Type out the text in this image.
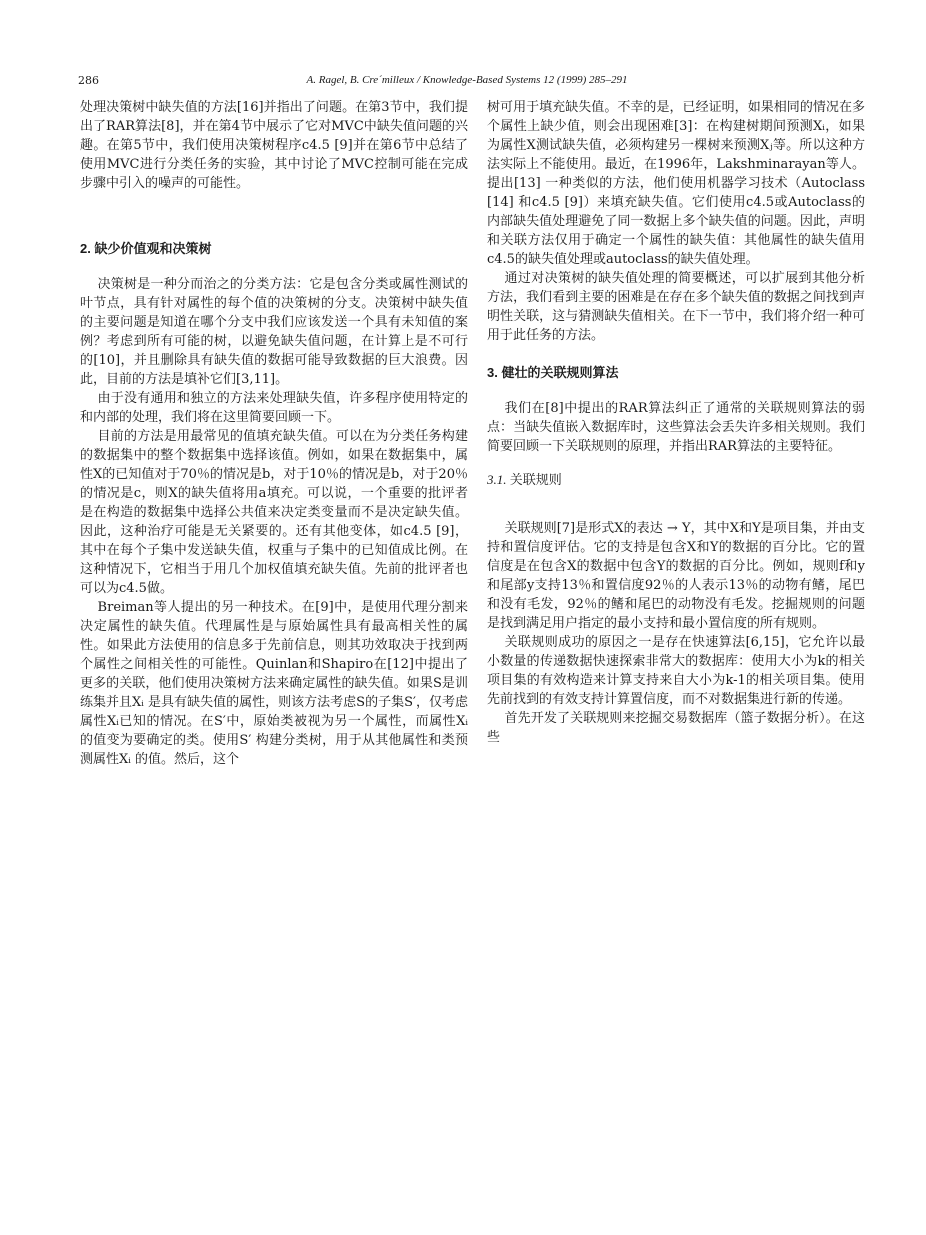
286	A. Ragel, B. Cre´milleux / Knowledge-Based Systems 12 (1999) 285–291

处理决策树中缺失值的方法[16]并指出了问题。在第3节中，我们提出了RAR算法[8]，并在第4节中展示了它对MVC中缺失值问题的兴趣。在第5节中，我们使用决策树程序c4.5 [9]并在第6节中总结了使用MVC进行分类任务的实验，其中讨论了MVC控制可能在完成步骤中引入的噪声的可能性。

2. 缺少价值观和决策树

决策树是一种分而治之的分类方法：它是包含分类或属性测试的叶节点，具有针对属性的每个值的决策树的分支。决策树中缺失值的主要问题是知道在哪个分支中我们应该发送一个具有未知值的案例？考虑到所有可能的树，以避免缺失值问题，在计算上是不可行的[10]，并且删除具有缺失值的数据可能导致数据的巨大浪费。因此，目前的方法是填补它们[3,11]。

由于没有通用和独立的方法来处理缺失值，许多程序使用特定的和内部的处理，我们将在这里简要回顾一下。

目前的方法是用最常见的值填充缺失值。可以在为分类任务构建的数据集中的整个数据集中选择该值。例如，如果在数据集中，属性X的已知值对于70％的情况是b，对于10％的情况是b，对于20％的情况是c，则X的缺失值将用a填充。可以说，一个重要的批评者是在构造的数据集中选择公共值来决定类变量而不是决定缺失值。因此，这种治疗可能是无关紧要的。还有其他变体，如c4.5 [9]，其中在每个子集中发送缺失值，权重与子集中的已知值成比例。在这种情况下，它相当于用几个加权值填充缺失值。先前的批评者也可以为c4.5做。

Breiman等人提出的另一种技术。在[9]中，是使用代理分割来决定属性的缺失值。代理属性是与原始属性具有最高相关性的属性。如果此方法使用的信息多于先前信息，则其功效取决于找到两个属性之间相关性的可能性。Quinlan和Shapiro在[12]中提出了更多的关联，他们使用决策树方法来确定属性的缺失值。如果S是训练集并且Xᵢ 是具有缺失值的属性，则该方法考虑S的子集S′，仅考虑属性Xᵢ已知的情况。在S′中，原始类被视为另一个属性，而属性Xᵢ 的值变为要确定的类。使用S′ 构建分类树，用于从其他属性和类预测属性Xᵢ 的值。然后，这个

树可用于填充缺失值。不幸的是，已经证明，如果相同的情况在多个属性上缺少值，则会出现困难[3]：在构建树期间预测Xᵢ，如果为属性X测试缺失值，必须构建另一棵树来预测Xⱼ等。所以这种方法实际上不能使用。最近，在1996年，Lakshminarayan等人。提出[13] 一种类似的方法，他们使用机器学习技术（Autoclass [14] 和c4.5 [9]）来填充缺失值。它们使用c4.5或Autoclass的内部缺失值处理避免了同一数据上多个缺失值的问题。因此，声明和关联方法仅用于确定一个属性的缺失值：其他属性的缺失值用c4.5的缺失值处理或autoclass的缺失值处理。

通过对决策树的缺失值处理的简要概述，可以扩展到其他分析方法，我们看到主要的困难是在存在多个缺失值的数据之间找到声明性关联，这与猜测缺失值相关。在下一节中，我们将介绍一种可用于此任务的方法。

3. 健壮的关联规则算法

我们在[8]中提出的RAR算法纠正了通常的关联规则算法的弱点：当缺失值嵌入数据库时，这些算法会丢失许多相关规则。我们简要回顾一下关联规则的原理，并指出RAR算法的主要特征。

3.1. 关联规则

关联规则[7]是形式X的表达 → Y，其中X和Y是项目集，并由支持和置信度评估。它的支持是包含X和Y的数据的百分比。它的置信度是在包含X的数据中包含Y的数据的百分比。例如，规则f和y和尾部y支持13％和置信度92％的人表示13％的动物有鳍，尾巴和没有毛发，92％的鳍和尾巴的动物没有毛发。挖掘规则的问题是找到满足用户指定的最小支持和最小置信度的所有规则。

关联规则成功的原因之一是存在快速算法[6,15]，它允许以最小数量的传递数据快速探索非常大的数据库：使用大小为k的相关项目集的有效构造来计算支持来自大小为k-1的相关项目集。使用先前找到的有效支持计算置信度，而不对数据集进行新的传递。

首先开发了关联规则来挖掘交易数据库（篮子数据分析）。在这些
